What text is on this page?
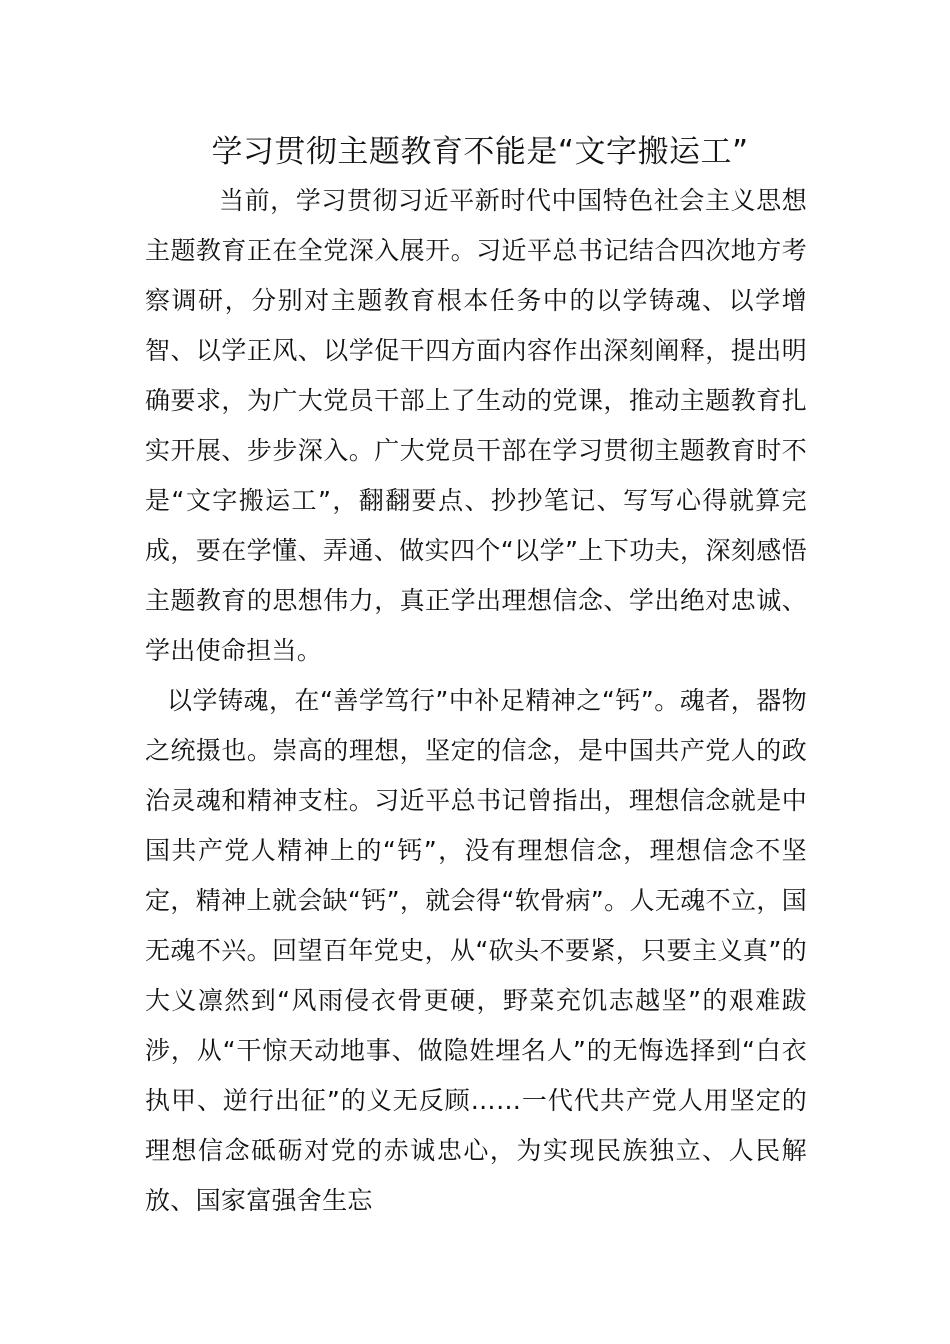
学习贯彻主题教育不能是“文字搬运工”

当前，学习贯彻习近平新时代中国特色社会主义思想主题教育正在全党深入展开。习近平总书记结合四次地方考察调研，分别对主题教育根本任务中的以学铸魂、以学增智、以学正风、以学促干四方面内容作出深刻阐释，提出明确要求，为广大党员干部上了生动的党课，推动主题教育扎实开展、步步深入。广大党员干部在学习贯彻主题教育时不是“文字搬运工”，翻翻要点、抄抄笔记、写写心得就算完成，要在学懂、弄通、做实四个“以学”上下功夫，深刻感悟主题教育的思想伟力，真正学出理想信念、学出绝对忠诚、学出使命担当。

以学铸魂，在“善学笃行”中补足精神之“钙”。魂者，器物之统摄也。崇高的理想，坚定的信念，是中国共产党人的政治灵魂和精神支柱。习近平总书记曾指出，理想信念就是中国共产党人精神上的“钙”，没有理想信念，理想信念不坚定，精神上就会缺“钙”，就会得“软骨病”。人无魂不立，国无魂不兴。回望百年党史，从“砍头不要紧，只要主义真”的大义凛然到“风雨侵衣骨更硬，野菜充饥志越坚”的艰难跋涉，从“干惊天动地事、做隐姓埋名人”的无悔选择到“白衣执甲、逆行出征”的义无反顾……一代代共产党人用坚定的理想信念砥砺对党的赤诚忠心，为实现民族独立、人民解放、国家富强舍生忘
